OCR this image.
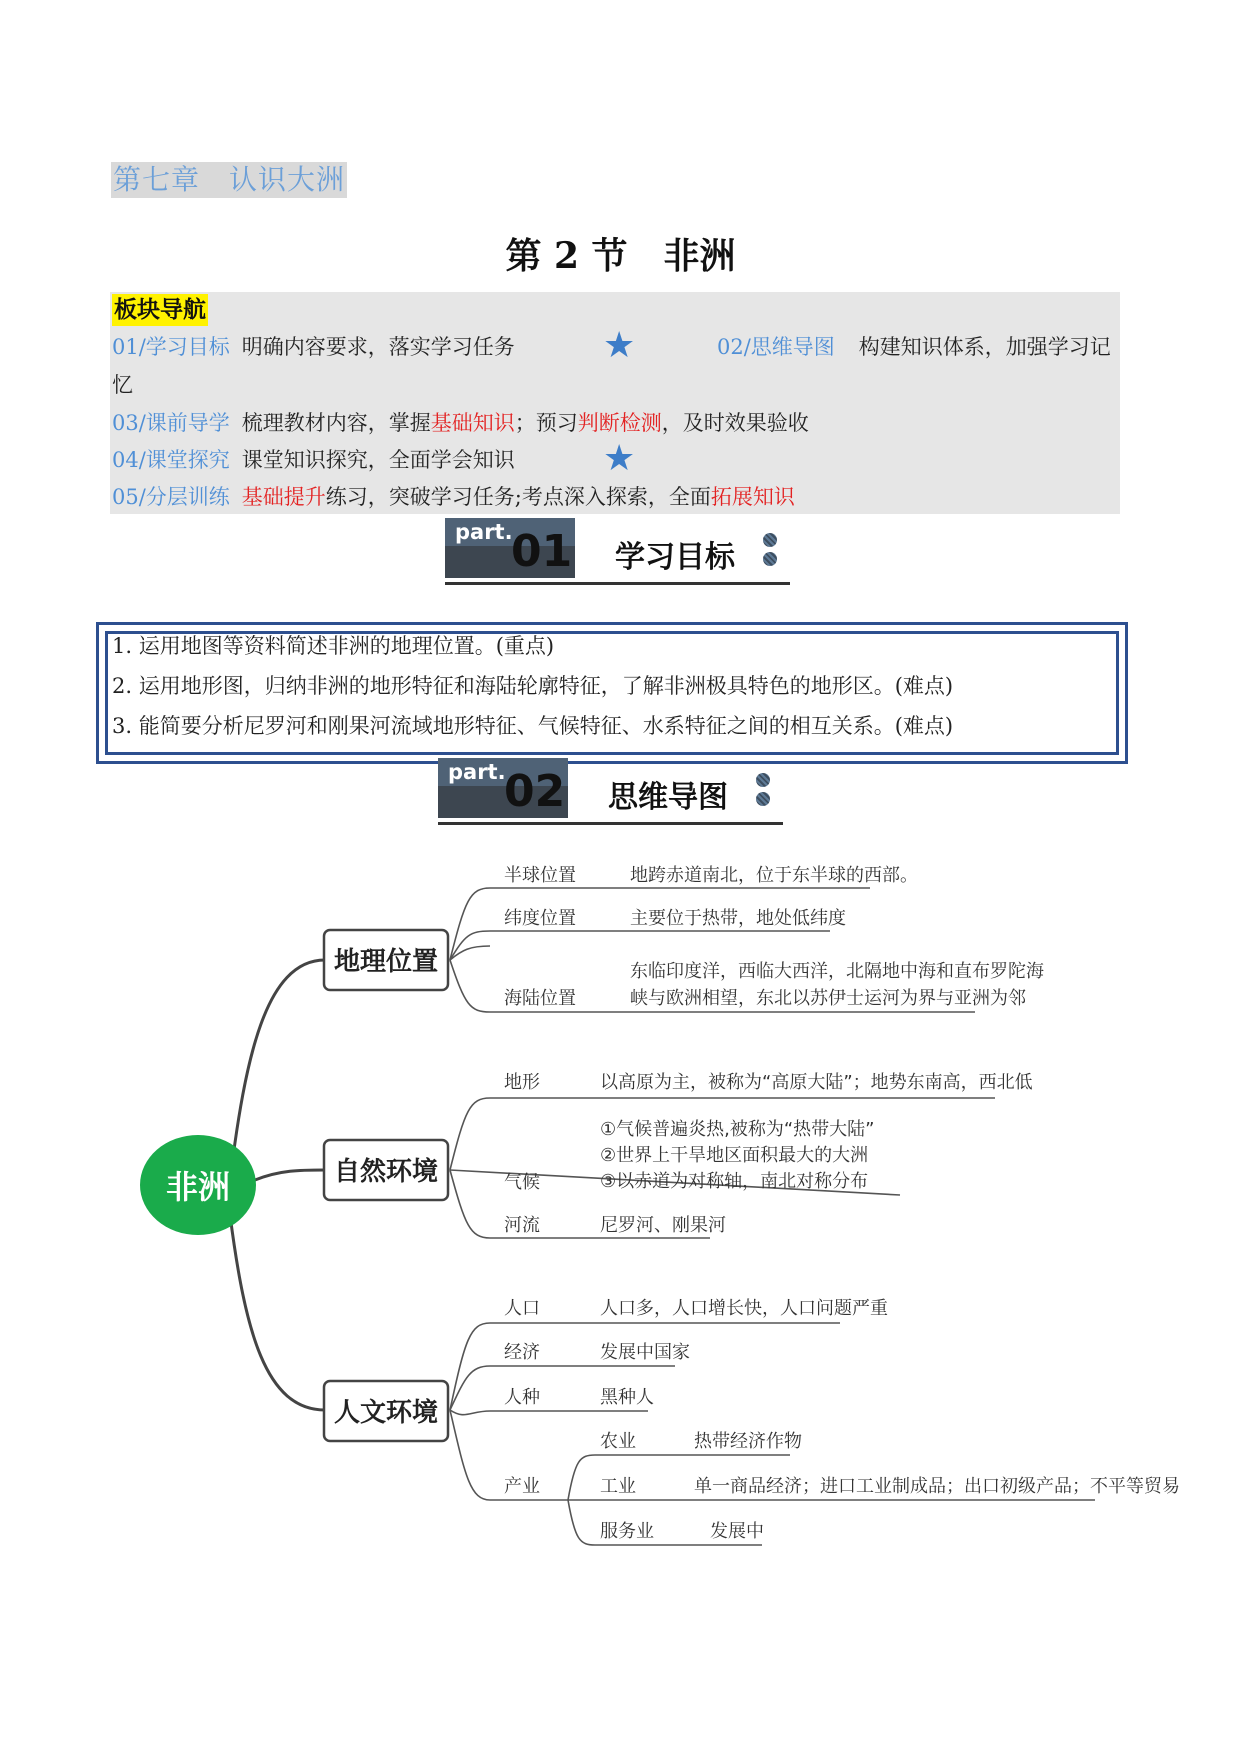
第七章　认识大洲
第 2 节　非洲
板块导航
01/学习目标 明确内容要求，落实学习任务 ★	02/思维导图 构建知识体系，加强学习记
忆
03/课前导学 梳理教材内容，掌握基础知识；预习判断检测，及时效果验收
04/课堂探究 课堂知识探究，全面学会知识 ★
05/分层训练 基础提升练习，突破学习任务;考点深入探索，全面拓展知识
part.
01 学习目标
1. 运用地图等资料简述非洲的地理位置。(重点)
2. 运用地形图，归纳非洲的地形特征和海陆轮廓特征，了解非洲极具特色的地形区。(难点)
3. 能简要分析尼罗河和刚果河流域地形特征、气候特征、水系特征之间的相互关系。(难点)
part.
02 思维导图
非洲
地理位置
自然环境
人文环境
半球位置	地跨赤道南北，位于东半球的西部。
纬度位置	主要位于热带，地处低纬度
东临印度洋，西临大西洋，北隔地中海和直布罗陀海
海陆位置	峡与欧洲相望，东北以苏伊士运河为界与亚洲为邻
地形	以高原为主，被称为“高原大陆”；地势东南高，西北低
①气候普遍炎热,被称为“热带大陆”
②世界上干旱地区面积最大的大洲
气候	③以赤道为对称轴，南北对称分布
河流	尼罗河、刚果河
人口	人口多，人口增长快，人口问题严重
经济	发展中国家
人种	黑种人
产业
农业	热带经济作物
工业	单一商品经济；进口工业制成品；出口初级产品；不平等贸易
服务业	发展中
